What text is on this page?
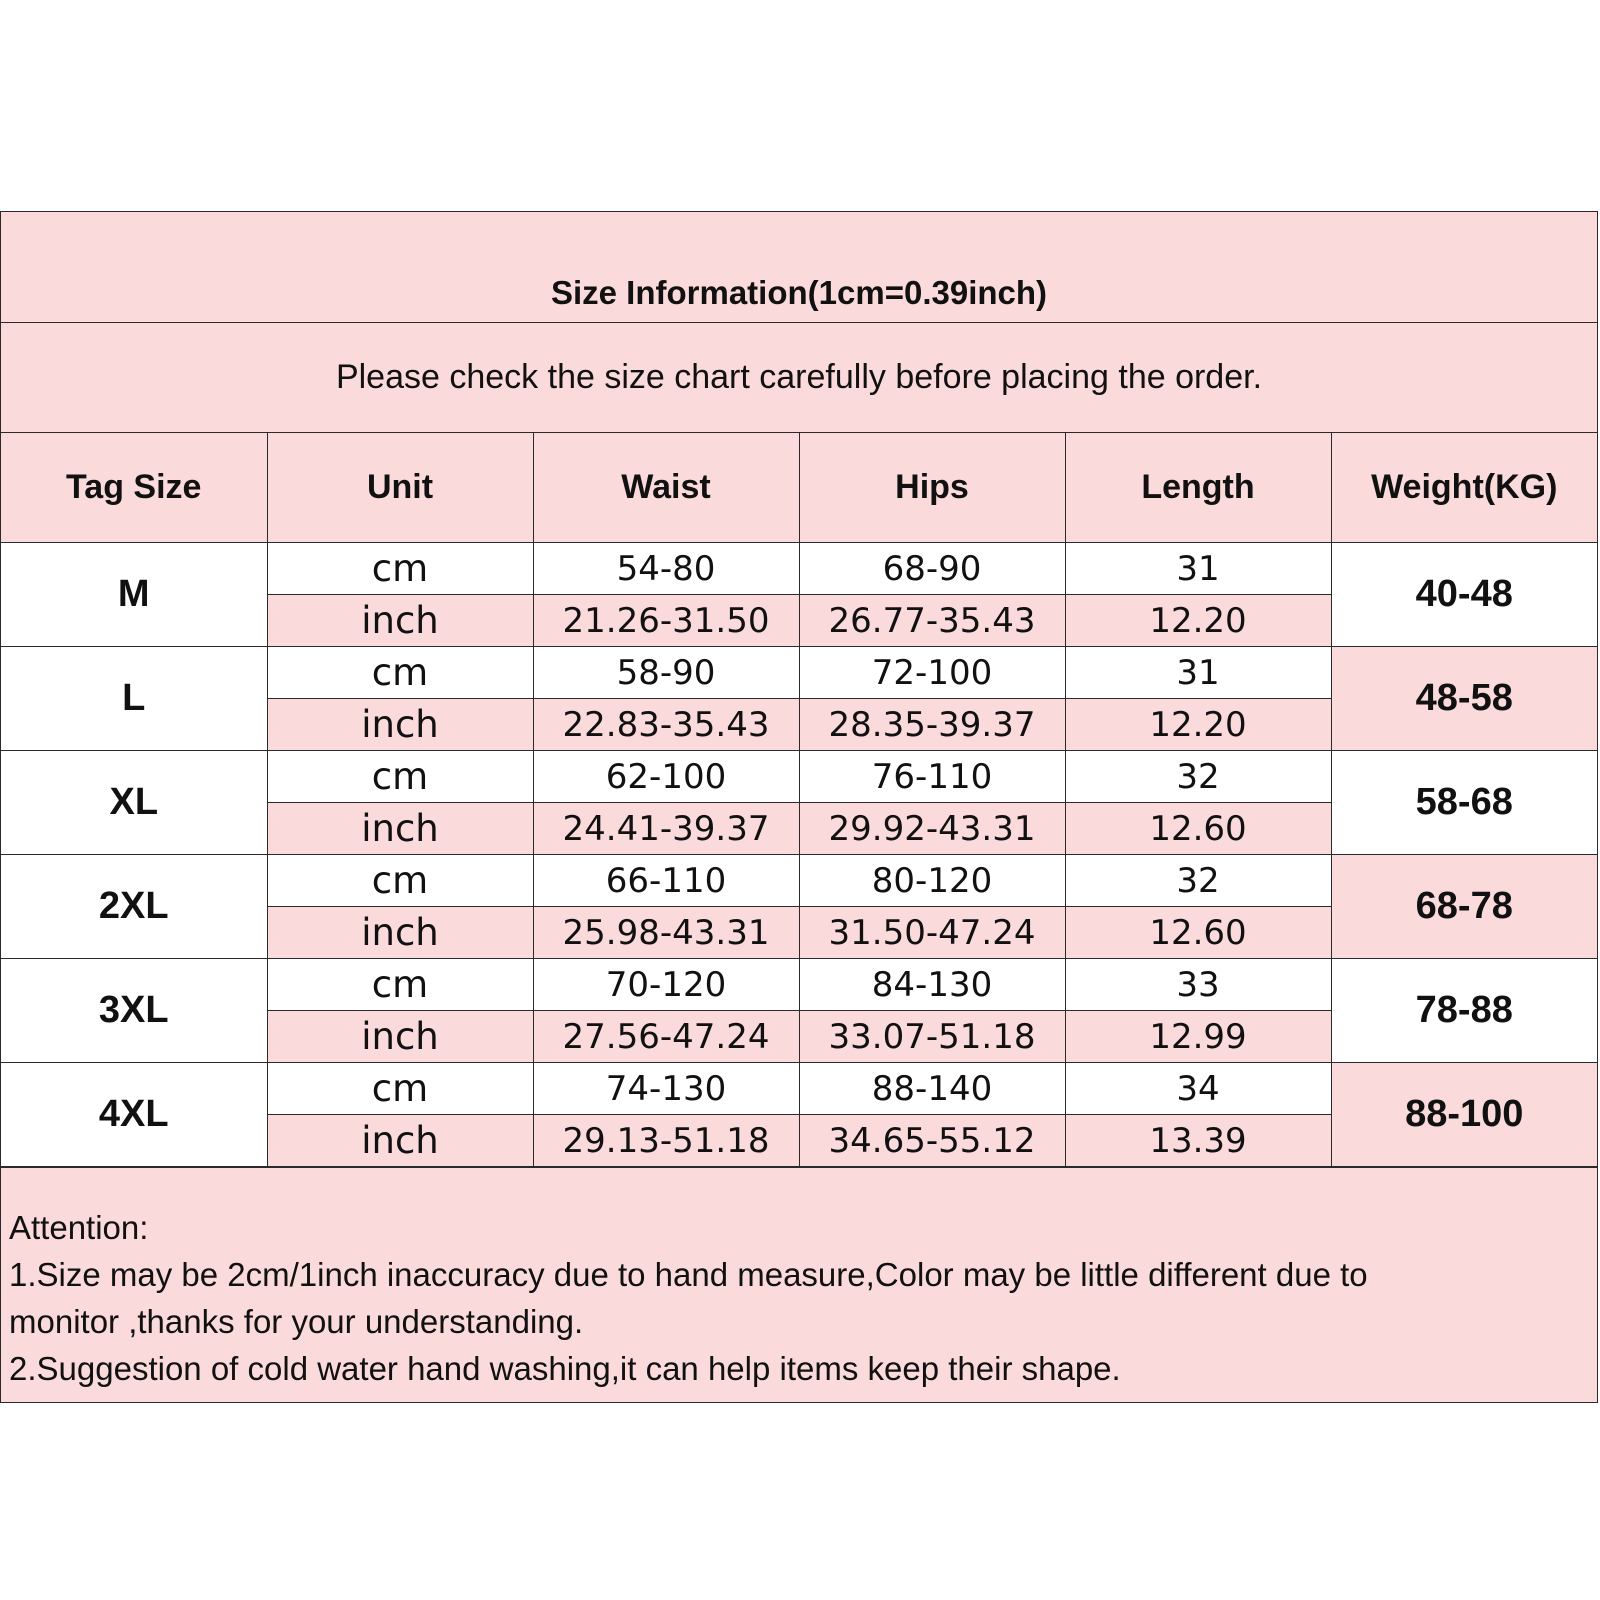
Size Information(1cm=0.39inch)
Please check the size chart carefully before placing the order.
Tag Size	Unit	Waist	Hips	Length	Weight(KG)
M	cm	54-80	68-90	31	40-48
	inch	21.26-31.50	26.77-35.43	12.20	
L	cm	58-90	72-100	31	48-58
	inch	22.83-35.43	28.35-39.37	12.20	
XL	cm	62-100	76-110	32	58-68
	inch	24.41-39.37	29.92-43.31	12.60	
2XL	cm	66-110	80-120	32	68-78
	inch	25.98-43.31	31.50-47.24	12.60	
3XL	cm	70-120	84-130	33	78-88
	inch	27.56-47.24	33.07-51.18	12.99	
4XL	cm	74-130	88-140	34	88-100
	inch	29.13-51.18	34.65-55.12	13.39	
Attention:
1.Size may be 2cm/1inch inaccuracy due to hand measure,Color may be little different due to
monitor ,thanks for your understanding.
2.Suggestion of cold water hand washing,it can help items keep their shape.
